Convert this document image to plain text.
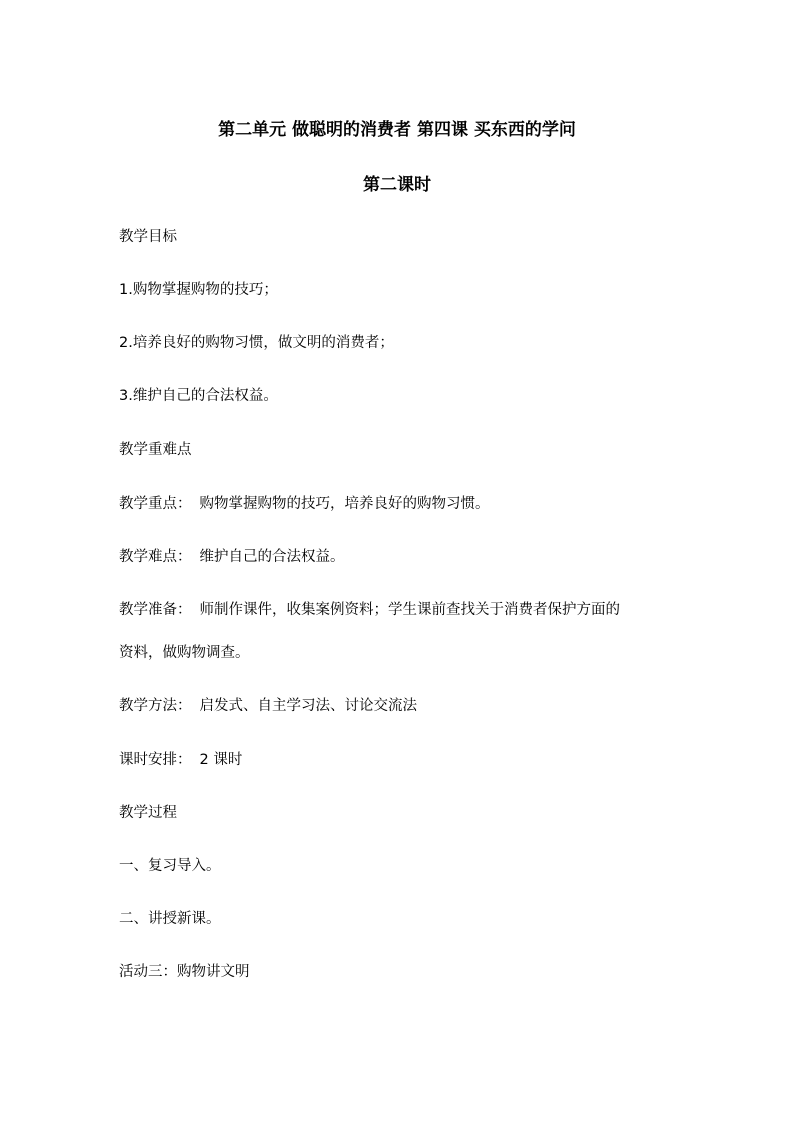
第二单元 做聪明的消费者 第四课 买东西的学问
第二课时
教学目标
1.购物掌握购物的技巧；
2.培养良好的购物习惯，做文明的消费者；
3.维护自己的合法权益。
教学重难点
教学重点： 购物掌握购物的技巧，培养良好的购物习惯。
教学难点： 维护自己的合法权益。
教学准备： 师制作课件，收集案例资料；学生课前查找关于消费者保护方面的
资料，做购物调查。
教学方法： 启发式、自主学习法、讨论交流法
课时安排： 2 课时
教学过程
一、复习导入。
二、讲授新课。
活动三：购物讲文明
